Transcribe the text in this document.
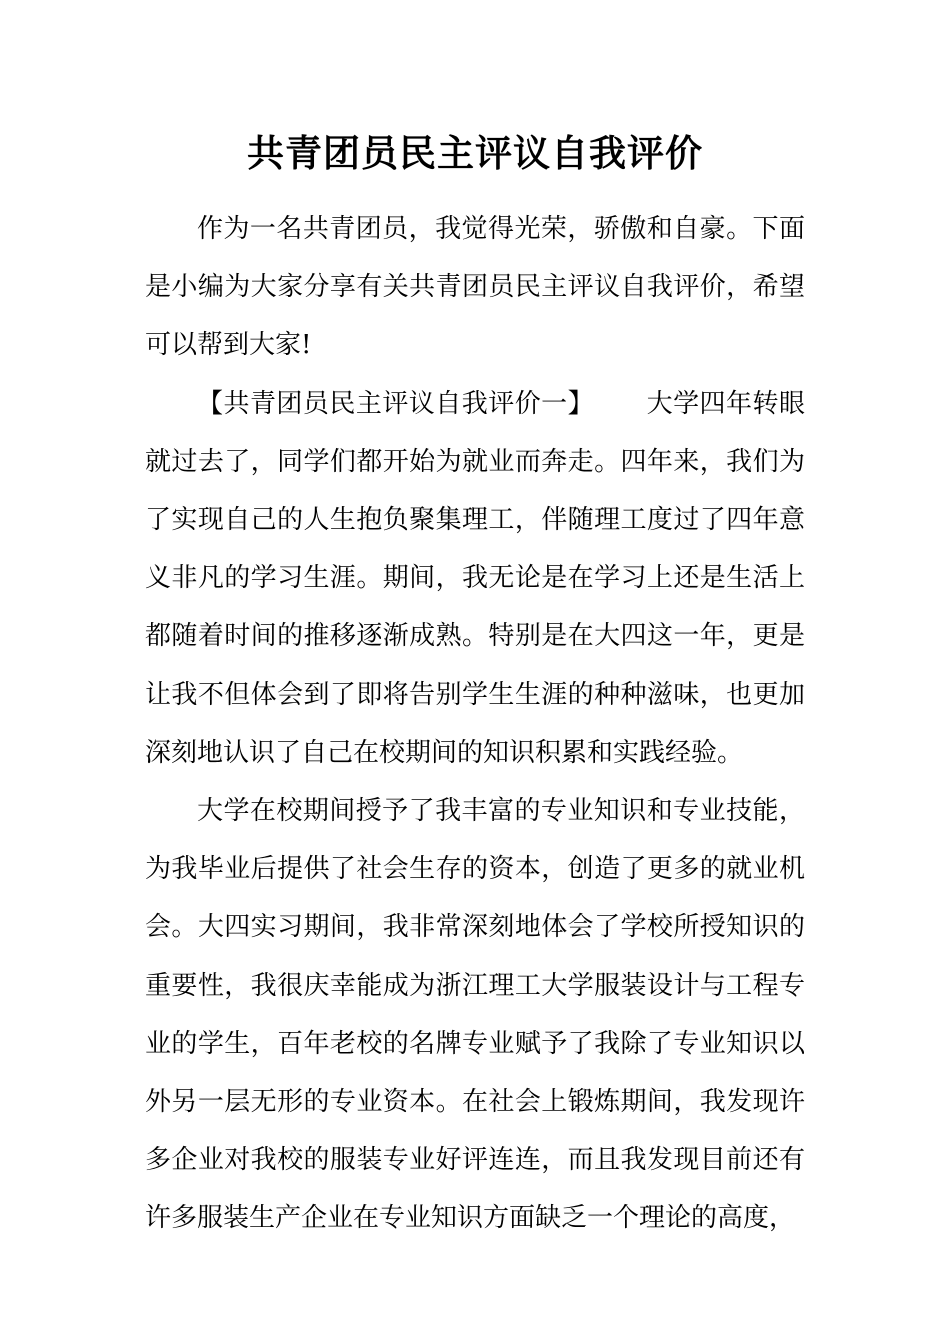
共青团员民主评议自我评价

作为一名共青团员，我觉得光荣，骄傲和自豪。下面是小编为大家分享有关共青团员民主评议自我评价，希望可以帮到大家!

【共青团员民主评议自我评价一】 大学四年转眼就过去了，同学们都开始为就业而奔走。四年来，我们为了实现自己的人生抱负聚集理工，伴随理工度过了四年意义非凡的学习生涯。期间，我无论是在学习上还是生活上都随着时间的推移逐渐成熟。特别是在大四这一年，更是让我不但体会到了即将告别学生生涯的种种滋味，也更加深刻地认识了自己在校期间的知识积累和实践经验。

大学在校期间授予了我丰富的专业知识和专业技能，为我毕业后提供了社会生存的资本，创造了更多的就业机会。大四实习期间，我非常深刻地体会了学校所授知识的重要性，我很庆幸能成为浙江理工大学服装设计与工程专业的学生，百年老校的名牌专业赋予了我除了专业知识以外另一层无形的专业资本。在社会上锻炼期间，我发现许多企业对我校的服装专业好评连连，而且我发现目前还有许多服装生产企业在专业知识方面缺乏一个理论的高度，
